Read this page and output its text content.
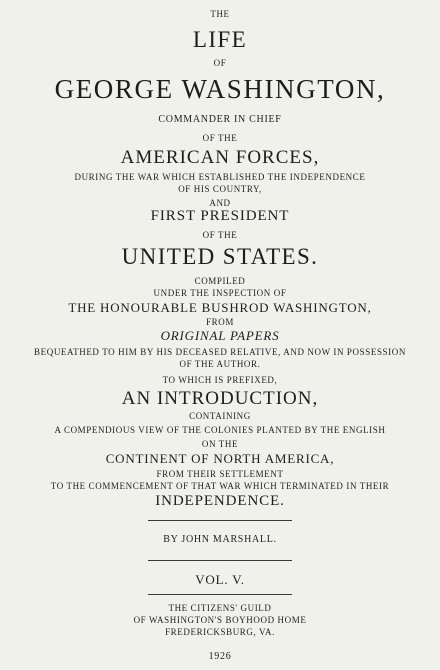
THE

LIFE

OF

GEORGE WASHINGTON,

COMMANDER IN CHIEF

OF THE

AMERICAN FORCES,

DURING THE WAR WHICH ESTABLISHED THE INDEPENDENCE

OF HIS COUNTRY,

AND

FIRST PRESIDENT

OF THE

UNITED STATES.

COMPILED

UNDER THE INSPECTION OF

THE HONOURABLE BUSHROD WASHINGTON,

FROM

ORIGINAL PAPERS

BEQUEATHED TO HIM BY HIS DECEASED RELATIVE, AND NOW IN POSSESSION

OF THE AUTHOR.

TO WHICH IS PREFIXED,

AN INTRODUCTION,

CONTAINING

A COMPENDIOUS VIEW OF THE COLONIES PLANTED BY THE ENGLISH

ON THE

CONTINENT OF NORTH AMERICA,

FROM THEIR SETTLEMENT

TO THE COMMENCEMENT OF THAT WAR WHICH TERMINATED IN THEIR

INDEPENDENCE.

BY JOHN MARSHALL.

VOL. V.

THE CITIZENS' GUILD

OF WASHINGTON'S BOYHOOD HOME

FREDERICKSBURG, VA.

1926
